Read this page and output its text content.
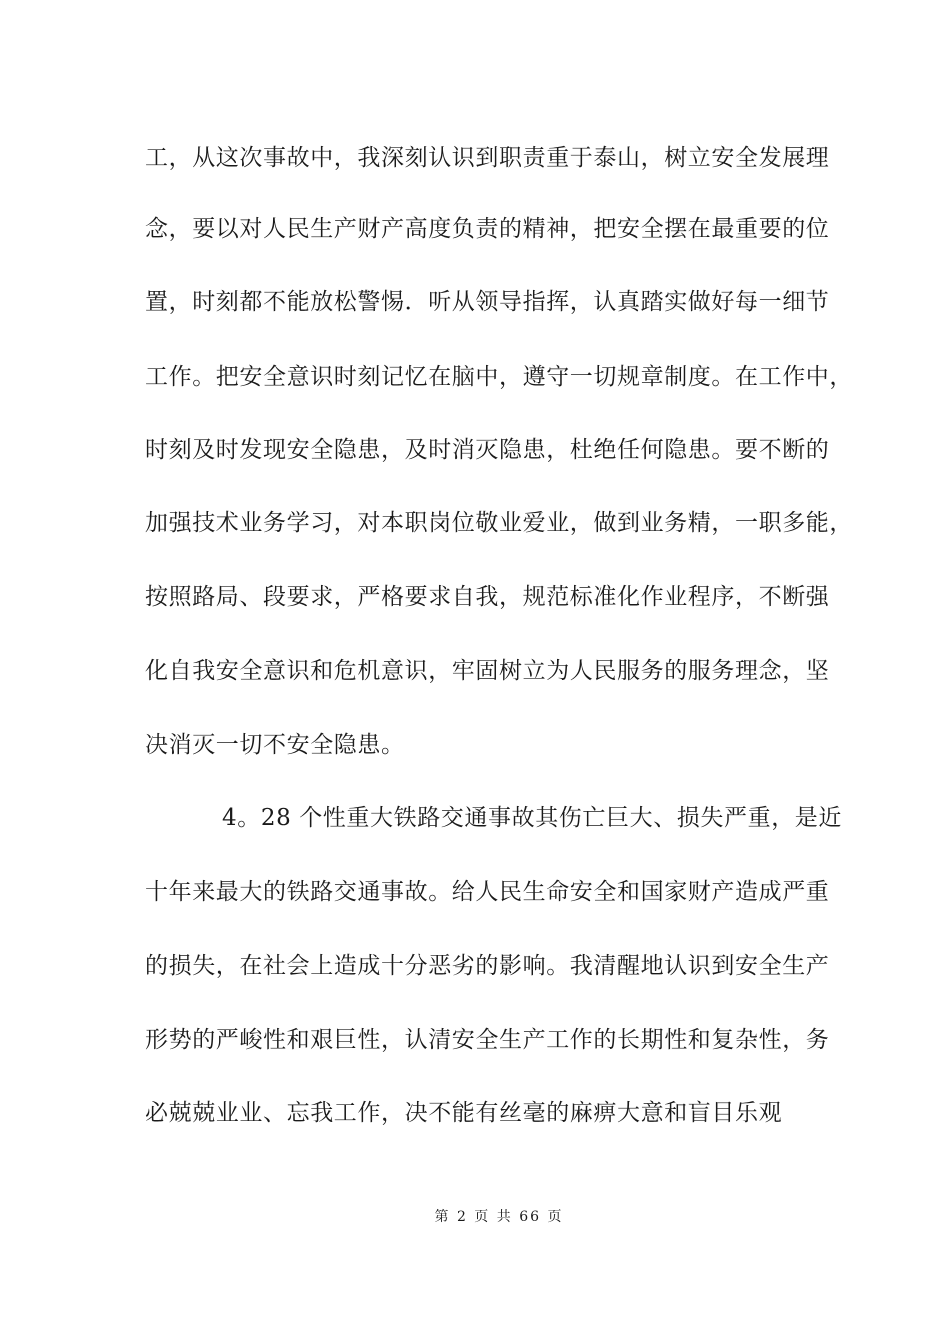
工，从这次事故中，我深刻认识到职责重于泰山，树立安全发展理
念，要以对人民生产财产高度负责的精神，把安全摆在最重要的位
置，时刻都不能放松警惕．听从领导指挥，认真踏实做好每一细节
工作。把安全意识时刻记忆在脑中，遵守一切规章制度。在工作中，
时刻及时发现安全隐患，及时消灭隐患，杜绝任何隐患。要不断的
加强技术业务学习，对本职岗位敬业爱业，做到业务精，一职多能，
按照路局、段要求，严格要求自我，规范标准化作业程序，不断强
化自我安全意识和危机意识，牢固树立为人民服务的服务理念，坚
决消灭一切不安全隐患。
4。28 个性重大铁路交通事故其伤亡巨大、损失严重，是近
十年来最大的铁路交通事故。给人民生命安全和国家财产造成严重
的损失，在社会上造成十分恶劣的影响。我清醒地认识到安全生产
形势的严峻性和艰巨性，认清安全生产工作的长期性和复杂性，务
必兢兢业业、忘我工作，决不能有丝毫的麻痹大意和盲目乐观
第 2 页 共 66 页
